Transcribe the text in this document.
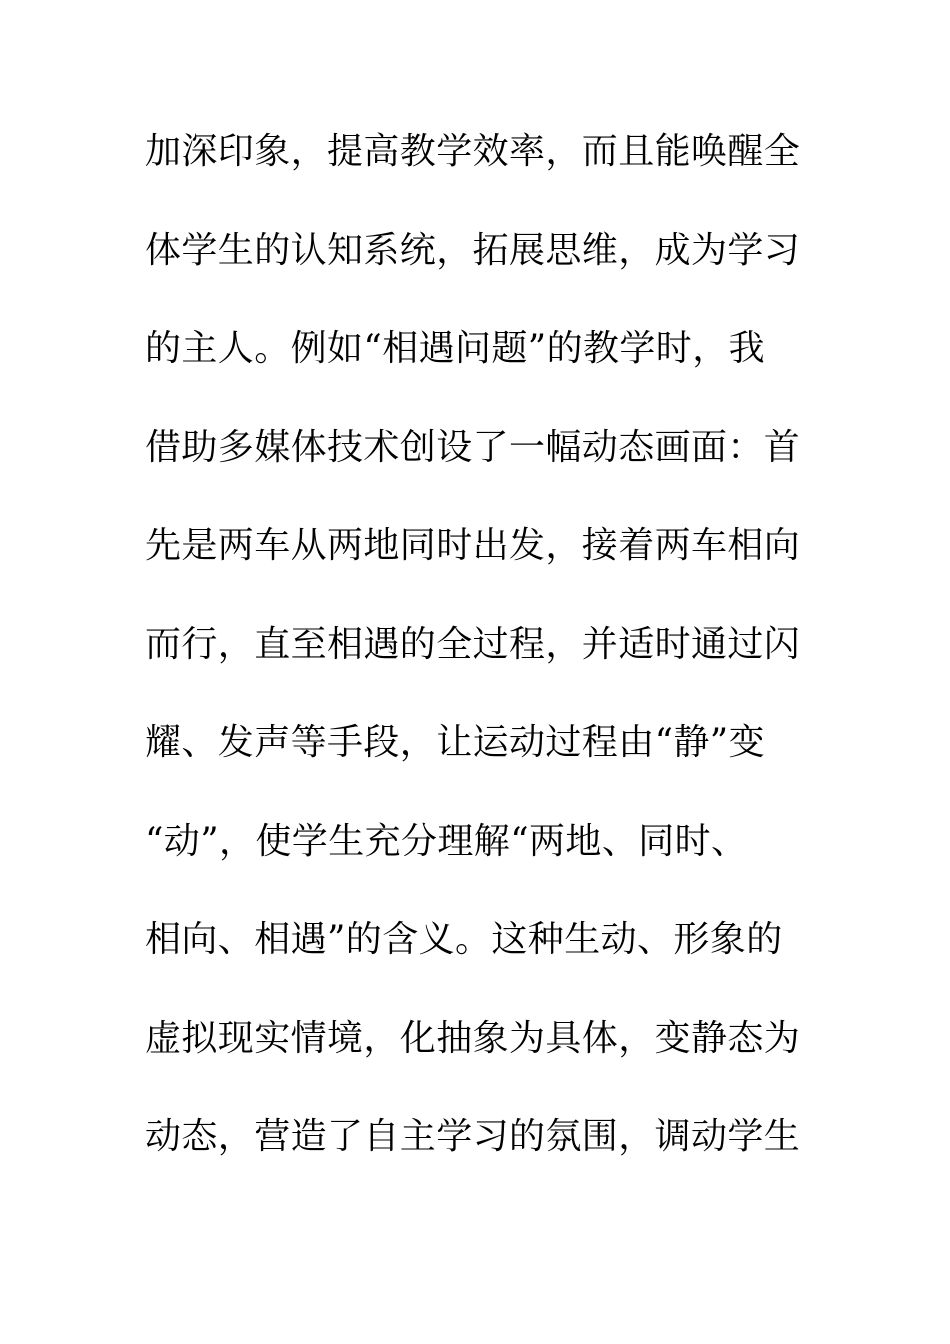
加深印象，提高教学效率，而且能唤醒全
体学生的认知系统，拓展思维，成为学习
的主人。例如“相遇问题”的教学时，我
借助多媒体技术创设了一幅动态画面：首
先是两车从两地同时出发，接着两车相向
而行，直至相遇的全过程，并适时通过闪
耀、发声等手段，让运动过程由“静”变
“动”，使学生充分理解“两地、同时、
相向、相遇”的含义。这种生动、形象的
虚拟现实情境，化抽象为具体，变静态为
动态，营造了自主学习的氛围，调动学生
